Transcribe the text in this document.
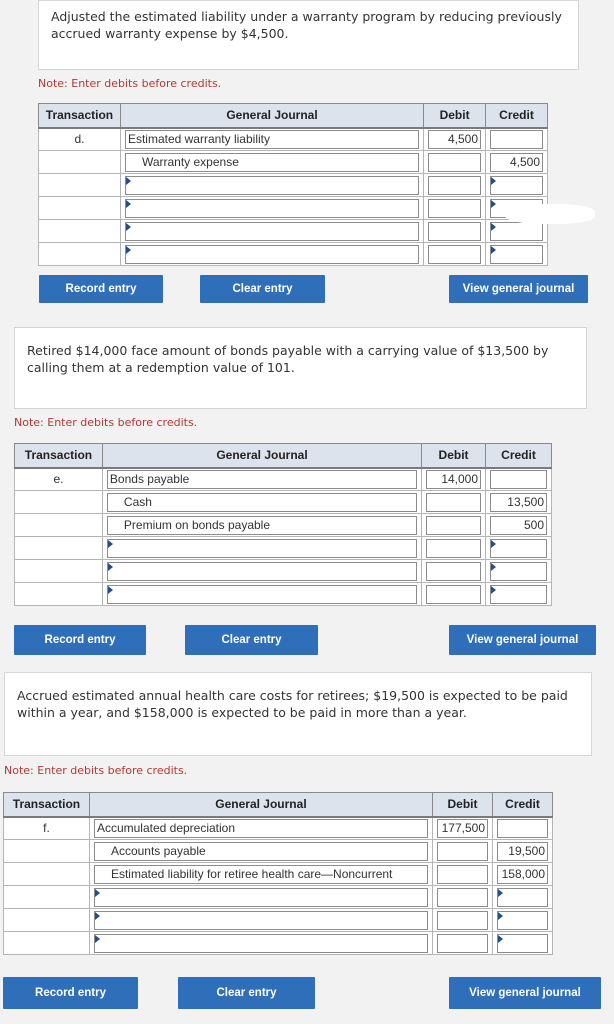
Adjusted the estimated liability under a warranty program by reducing previously accrued warranty expense by $4,500.
Note: Enter debits before credits.
Transaction	General Journal	Debit	Credit
d.	Estimated warranty liability	4,500	

	Warranty expense		4,500

Record entry	Clear entry	View general journal
Retired $14,000 face amount of bonds payable with a carrying value of $13,500 by calling them at a redemption value of 101.
Note: Enter debits before credits.
Transaction	General Journal	Debit	Credit
e.	Bonds payable	14,000	

	Cash		13,500

	Premium on bonds payable		500

Record entry	Clear entry	View general journal
Accrued estimated annual health care costs for retirees; $19,500 is expected to be paid within a year, and $158,000 is expected to be paid in more than a year.
Note: Enter debits before credits.
Transaction	General Journal	Debit	Credit
f.	Accumulated depreciation	177,500	

	Accounts payable		19,500

	Estimated liability for retiree health care—Noncurrent		158,000

Record entry	Clear entry	View general journal
